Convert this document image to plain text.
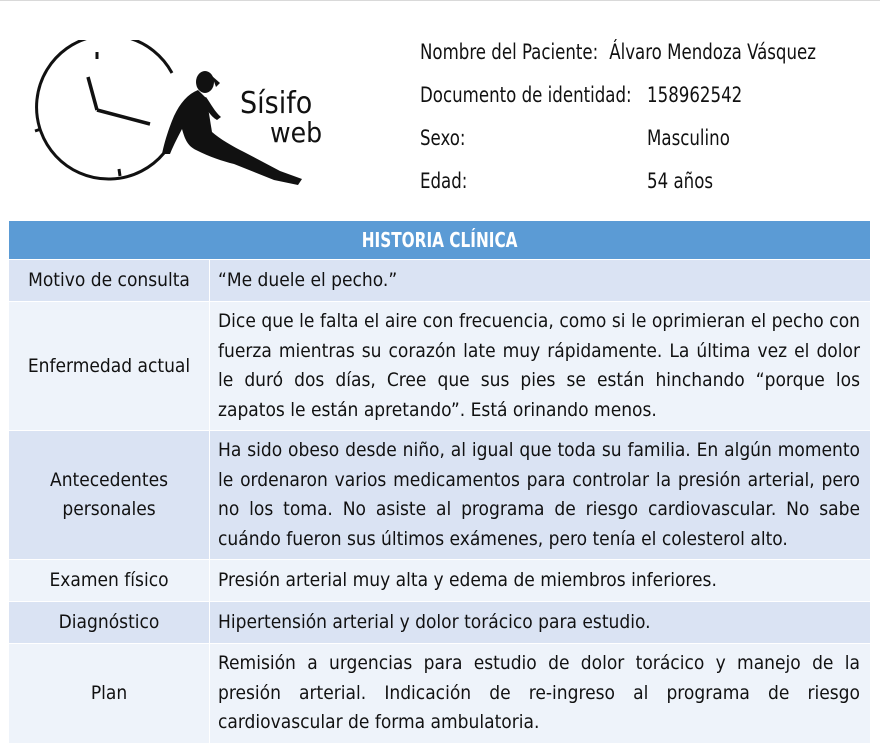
Sísifo
web
Nombre del Paciente: Álvaro Mendoza Vásquez
Documento de identidad: 158962542
Sexo:	Masculino
Edad:	54 años
HISTORIA CLÍNICA	
Motivo de consulta	“Me duele el pecho.”
Enfermedad actual	Dice que le falta el aire con frecuencia, como si le oprimieran el pecho con fuerza mientras su corazón late muy rápidamente. La última vez el dolor le duró dos días, Cree que sus pies se están hinchando “porque los zapatos le están apretando”. Está orinando menos.
Antecedentes personales	Ha sido obeso desde niño, al igual que toda su familia. En algún momento le ordenaron varios medicamentos para controlar la presión arterial, pero no los toma. No asiste al programa de riesgo cardiovascular. No sabe cuándo fueron sus últimos exámenes, pero tenía el colesterol alto.
Examen físico	Presión arterial muy alta y edema de miembros inferiores.
Diagnóstico	Hipertensión arterial y dolor torácico para estudio.
Plan	Remisión a urgencias para estudio de dolor torácico y manejo de la presión arterial. Indicación de re-ingreso al programa de riesgo cardiovascular de forma ambulatoria.
